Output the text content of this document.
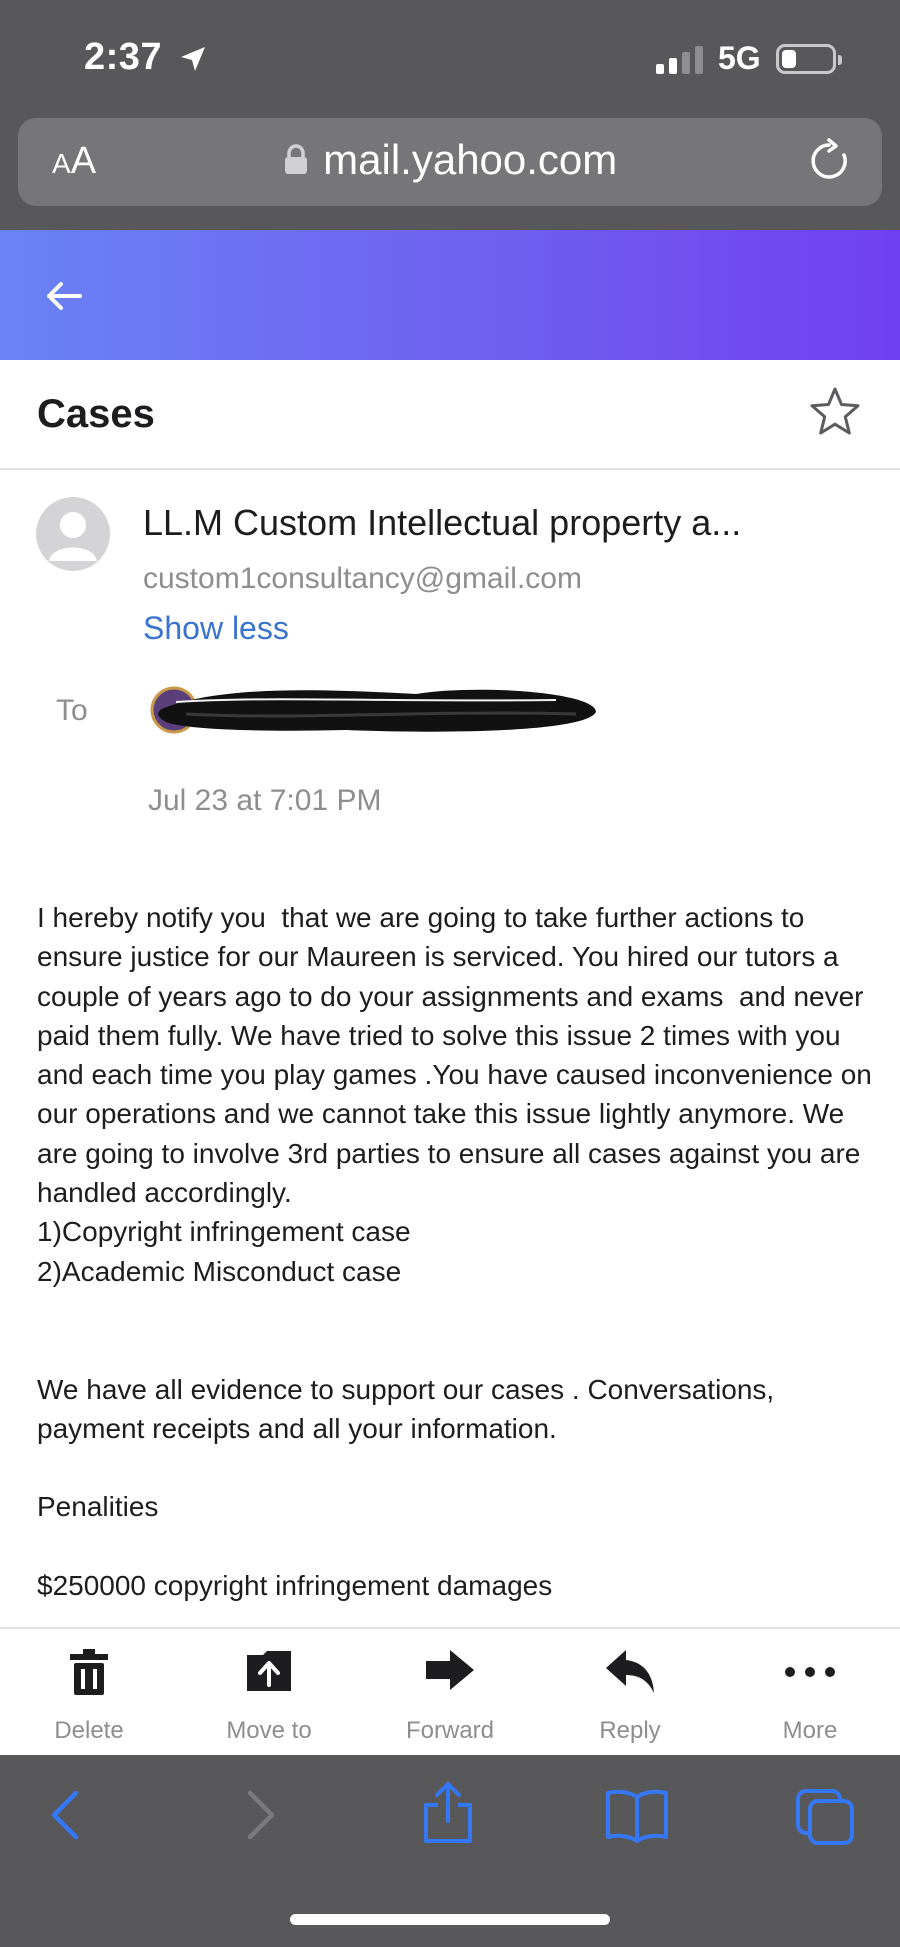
2:37	5G
AA	mail.yahoo.com
Cases
LL.M Custom Intellectual property a...
custom1consultancy@gmail.com
Show less
To
Jul 23 at 7:01 PM
I hereby notify you  that we are going to take further actions to ensure justice for our Maureen is serviced. You hired our tutors a couple of years ago to do your assignments and exams  and never paid them fully. We have tried to solve this issue 2 times with you and each time you play games .You have caused inconvenience on our operations and we cannot take this issue lightly anymore. We are going to involve 3rd parties to ensure all cases against you are handled accordingly.
1)Copyright infringement case
2)Academic Misconduct case

We have all evidence to support our cases . Conversations, payment receipts and all your information.

Penalities

$250000 copyright infringement damages
Delete	Move to	Forward	Reply	More
